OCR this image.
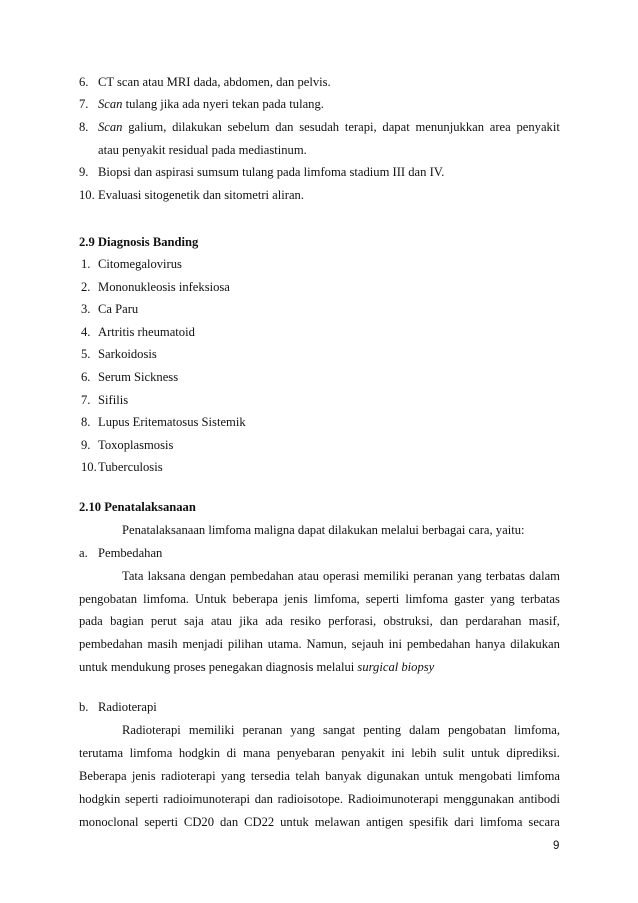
6. CT scan atau MRI dada, abdomen, dan pelvis.
7. Scan tulang jika ada nyeri tekan pada tulang.
8. Scan galium, dilakukan sebelum dan sesudah terapi, dapat menunjukkan area penyakit
atau penyakit residual pada mediastinum.
9. Biopsi dan aspirasi sumsum tulang pada limfoma stadium III dan IV.
10. Evaluasi sitogenetik dan sitometri aliran.
2.9 Diagnosis Banding
1. Citomegalovirus
2. Mononukleosis infeksiosa
3. Ca Paru
4. Artritis rheumatoid
5. Sarkoidosis
6. Serum Sickness
7. Sifilis
8. Lupus Eritematosus Sistemik
9. Toxoplasmosis
10. Tuberculosis
2.10 Penatalaksanaan
Penatalaksanaan limfoma maligna dapat dilakukan melalui berbagai cara, yaitu:
a. Pembedahan
Tata laksana dengan pembedahan atau operasi memiliki peranan yang terbatas dalam
pengobatan limfoma. Untuk beberapa jenis limfoma, seperti limfoma gaster yang terbatas
pada bagian perut saja atau jika ada resiko perforasi, obstruksi, dan perdarahan masif,
pembedahan masih menjadi pilihan utama. Namun, sejauh ini pembedahan hanya dilakukan
untuk mendukung proses penegakan diagnosis melalui surgical biopsy
b. Radioterapi
Radioterapi memiliki peranan yang sangat penting dalam pengobatan limfoma,
terutama limfoma hodgkin di mana penyebaran penyakit ini lebih sulit untuk diprediksi.
Beberapa jenis radioterapi yang tersedia telah banyak digunakan untuk mengobati limfoma
hodgkin seperti radioimunoterapi dan radioisotope. Radioimunoterapi menggunakan antibodi
monoclonal seperti CD20 dan CD22 untuk melawan antigen spesifik dari limfoma secara
9
